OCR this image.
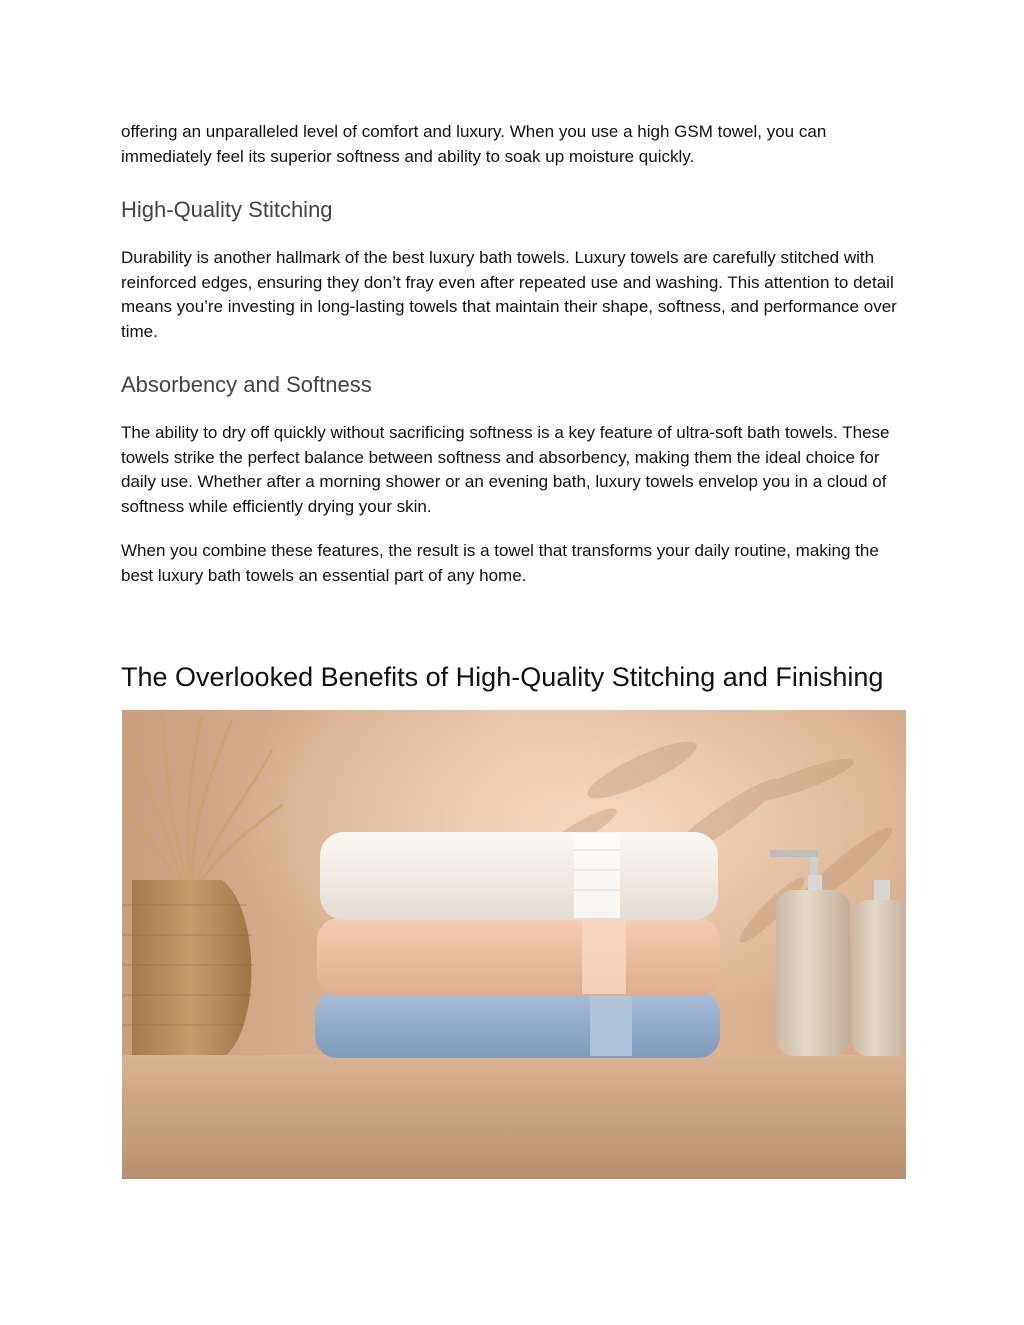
offering an unparalleled level of comfort and luxury. When you use a high GSM towel, you can immediately feel its superior softness and ability to soak up moisture quickly.

High-Quality Stitching

Durability is another hallmark of the best luxury bath towels. Luxury towels are carefully stitched with reinforced edges, ensuring they don’t fray even after repeated use and washing. This attention to detail means you’re investing in long-lasting towels that maintain their shape, softness, and performance over time.

Absorbency and Softness

The ability to dry off quickly without sacrificing softness is a key feature of ultra-soft bath towels. These towels strike the perfect balance between softness and absorbency, making them the ideal choice for daily use. Whether after a morning shower or an evening bath, luxury towels envelop you in a cloud of softness while efficiently drying your skin.

When you combine these features, the result is a towel that transforms your daily routine, making the best luxury bath towels an essential part of any home.

The Overlooked Benefits of High-Quality Stitching and Finishing
